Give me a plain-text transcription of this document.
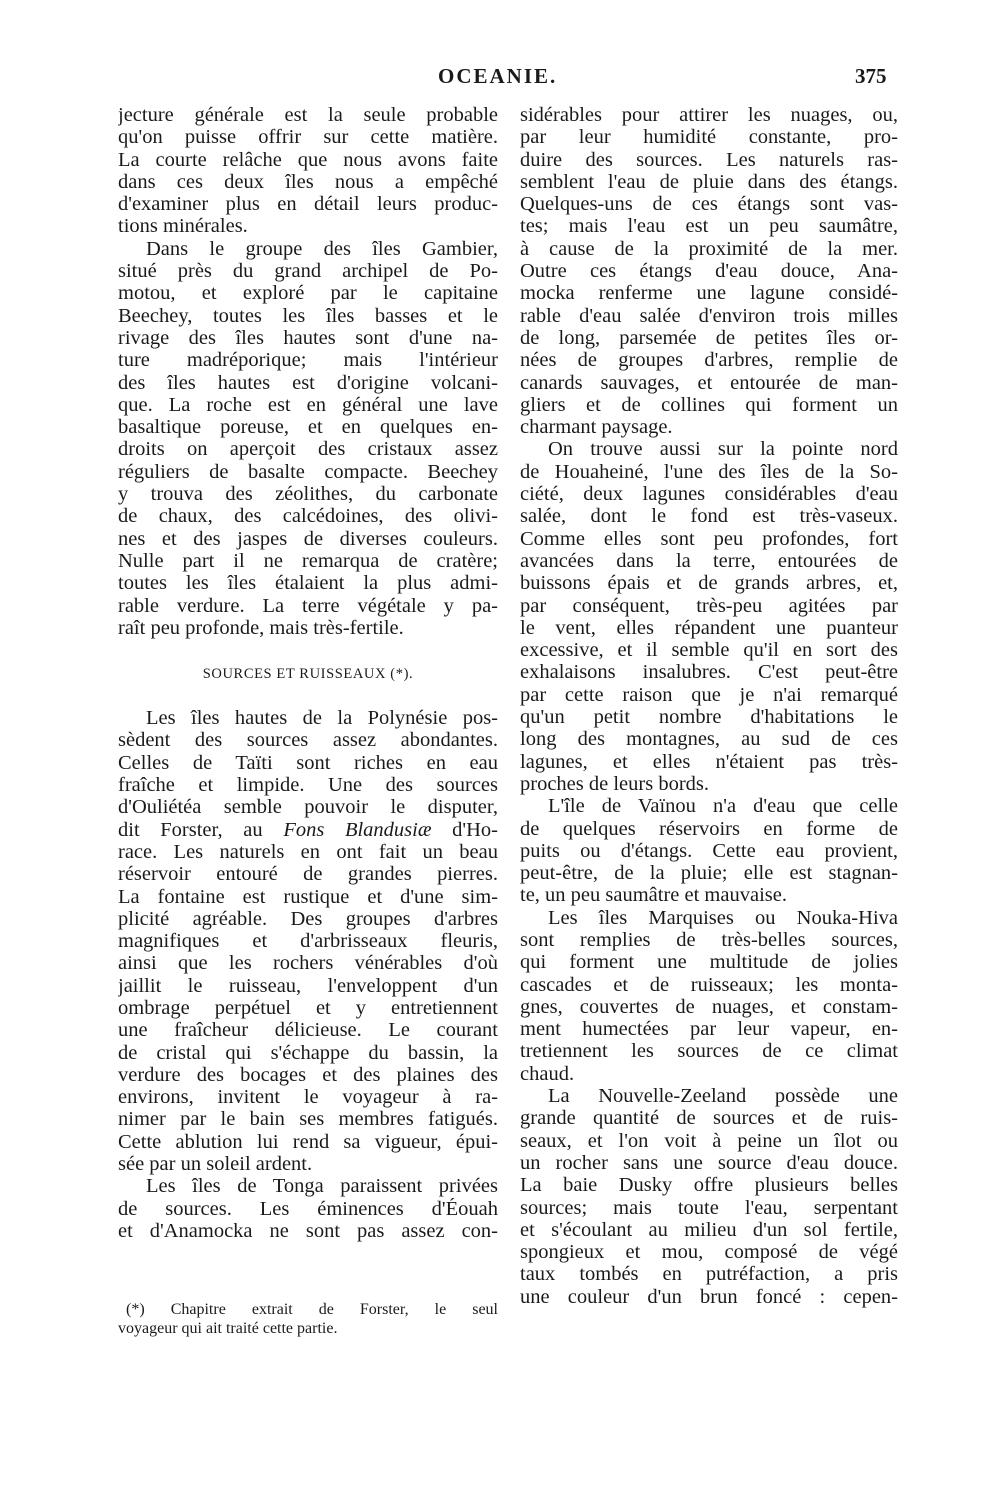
OCEANIE.	375
jecture générale est la seule probable
qu'on puisse offrir sur cette matière.
La courte relâche que nous avons faite
dans ces deux îles nous a empêché
d'examiner plus en détail leurs produc-
tions minérales.
Dans le groupe des îles Gambier,
situé près du grand archipel de Po-
motou, et exploré par le capitaine
Beechey, toutes les îles basses et le
rivage des îles hautes sont d'une na-
ture madréporique; mais l'intérieur
des îles hautes est d'origine volcani-
que. La roche est en général une lave
basaltique poreuse, et en quelques en-
droits on aperçoit des cristaux assez
réguliers de basalte compacte. Beechey
y trouva des zéolithes, du carbonate
de chaux, des calcédoines, des olivi-
nes et des jaspes de diverses couleurs.
Nulle part il ne remarqua de cratère;
toutes les îles étalaient la plus admi-
rable verdure. La terre végétale y pa-
raît peu profonde, mais très-fertile.
SOURCES ET RUISSEAUX (*).
Les îles hautes de la Polynésie pos-
sèdent des sources assez abondantes.
Celles de Taïti sont riches en eau
fraîche et limpide. Une des sources
d'Ouliétéa semble pouvoir le disputer,
dit Forster, au Fons Blandusiæ d'Ho-
race. Les naturels en ont fait un beau
réservoir entouré de grandes pierres.
La fontaine est rustique et d'une sim-
plicité agréable. Des groupes d'arbres
magnifiques et d'arbrisseaux fleuris,
ainsi que les rochers vénérables d'où
jaillit le ruisseau, l'enveloppent d'un
ombrage perpétuel et y entretiennent
une fraîcheur délicieuse. Le courant
de cristal qui s'échappe du bassin, la
verdure des bocages et des plaines des
environs, invitent le voyageur à ra-
nimer par le bain ses membres fatigués.
Cette ablution lui rend sa vigueur, épui-
sée par un soleil ardent.
Les îles de Tonga paraissent privées
de sources. Les éminences d'Éouah
et d'Anamocka ne sont pas assez con-
(*) Chapitre extrait de Forster, le seul
voyageur qui ait traité cette partie.
sidérables pour attirer les nuages, ou,
par leur humidité constante, pro-
duire des sources. Les naturels ras-
semblent l'eau de pluie dans des étangs.
Quelques-uns de ces étangs sont vas-
tes; mais l'eau est un peu saumâtre,
à cause de la proximité de la mer.
Outre ces étangs d'eau douce, Ana-
mocka renferme une lagune considé-
rable d'eau salée d'environ trois milles
de long, parsemée de petites îles or-
nées de groupes d'arbres, remplie de
canards sauvages, et entourée de man-
gliers et de collines qui forment un
charmant paysage.
On trouve aussi sur la pointe nord
de Houaheiné, l'une des îles de la So-
ciété, deux lagunes considérables d'eau
salée, dont le fond est très-vaseux.
Comme elles sont peu profondes, fort
avancées dans la terre, entourées de
buissons épais et de grands arbres, et,
par conséquent, très-peu agitées par
le vent, elles répandent une puanteur
excessive, et il semble qu'il en sort des
exhalaisons insalubres. C'est peut-être
par cette raison que je n'ai remarqué
qu'un petit nombre d'habitations le
long des montagnes, au sud de ces
lagunes, et elles n'étaient pas très-
proches de leurs bords.
L'île de Vaïnou n'a d'eau que celle
de quelques réservoirs en forme de
puits ou d'étangs. Cette eau provient,
peut-être, de la pluie; elle est stagnan-
te, un peu saumâtre et mauvaise.
Les îles Marquises ou Nouka-Hiva
sont remplies de très-belles sources,
qui forment une multitude de jolies
cascades et de ruisseaux; les monta-
gnes, couvertes de nuages, et constam-
ment humectées par leur vapeur, en-
tretiennent les sources de ce climat
chaud.
La Nouvelle-Zeeland possède une
grande quantité de sources et de ruis-
seaux, et l'on voit à peine un îlot ou
un rocher sans une source d'eau douce.
La baie Dusky offre plusieurs belles
sources; mais toute l'eau, serpentant
et s'écoulant au milieu d'un sol fertile,
spongieux et mou, composé de végé
taux tombés en putréfaction, a pris
une couleur d'un brun foncé : cepen-
